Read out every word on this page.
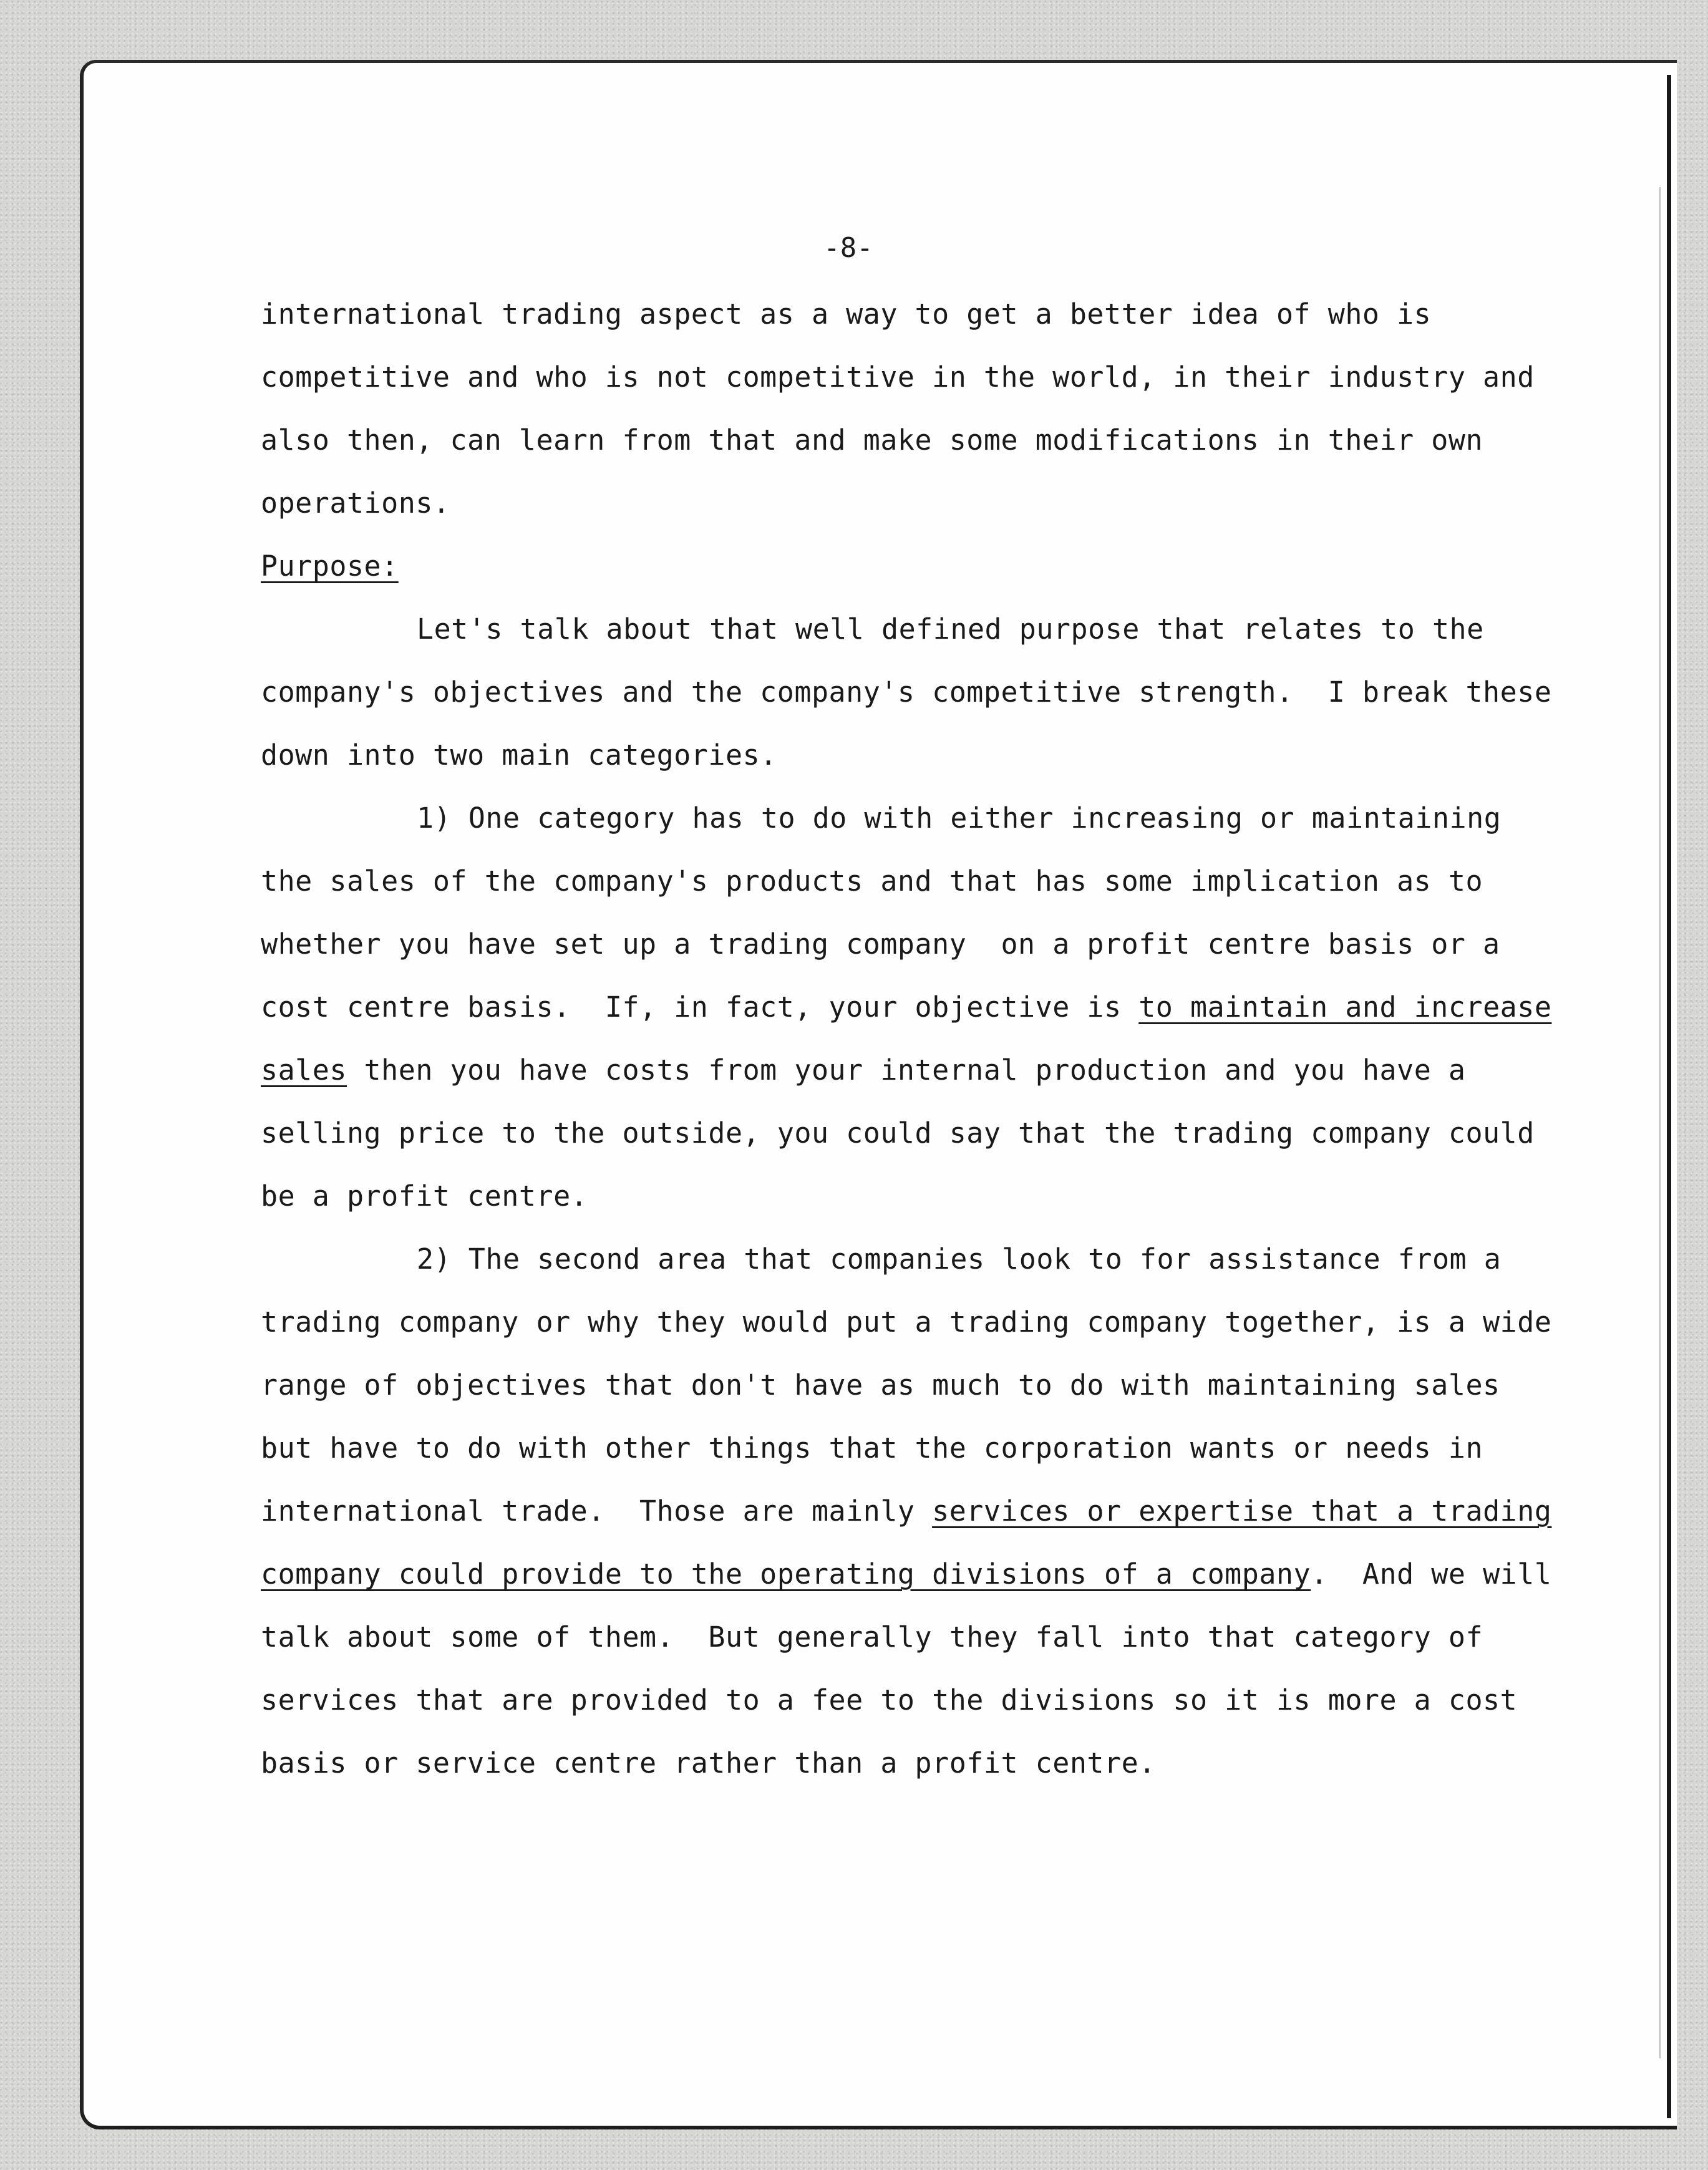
-8-
international trading aspect as a way to get a better idea of who is
competitive and who is not competitive in the world, in their industry and
also then, can learn from that and make some modifications in their own
operations.
Purpose:
Let's talk about that well defined purpose that relates to the
company's objectives and the company's competitive strength.  I break these
down into two main categories.
1) One category has to do with either increasing or maintaining
the sales of the company's products and that has some implication as to
whether you have set up a trading company  on a profit centre basis or a
cost centre basis.  If, in fact, your objective is to maintain and increase
sales then you have costs from your internal production and you have a
selling price to the outside, you could say that the trading company could
be a profit centre.
2) The second area that companies look to for assistance from a
trading company or why they would put a trading company together, is a wide
range of objectives that don't have as much to do with maintaining sales
but have to do with other things that the corporation wants or needs in
international trade.  Those are mainly services or expertise that a trading
company could provide to the operating divisions of a company.  And we will
talk about some of them.  But generally they fall into that category of
services that are provided to a fee to the divisions so it is more a cost
basis or service centre rather than a profit centre.
